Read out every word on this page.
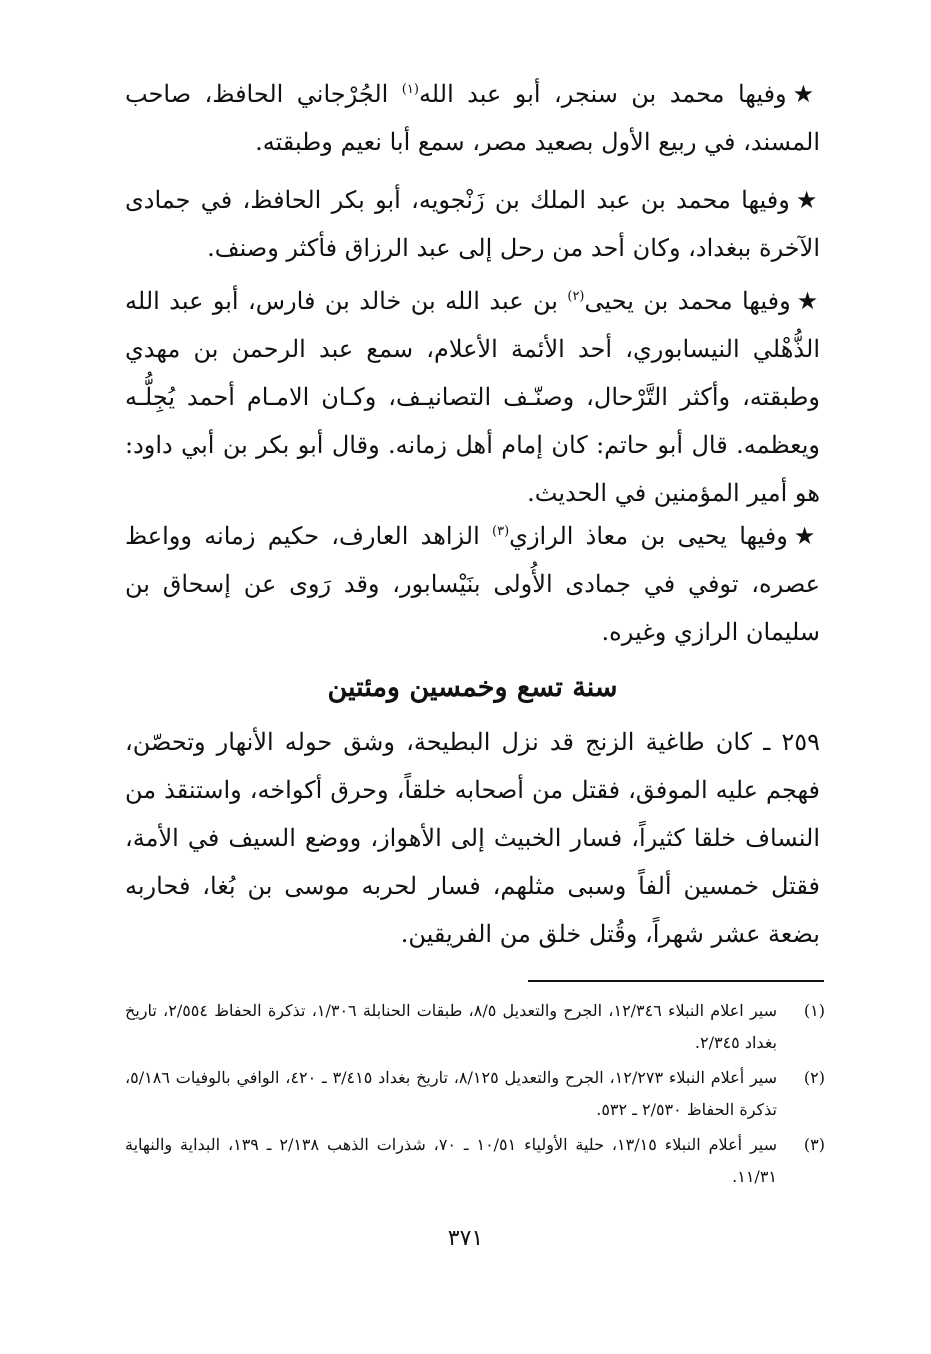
★وفيها محمد بن سنجر، أبو عبد الله$^{(١)}$ الجُرْجاني الحافظ، صاحب المسند، في ربيع الأول بصعيد مصر، سمع أبا نعيم وطبقته.
★وفيها محمد بن عبد الملك بن زَنْجويه، أبو بكر الحافظ، في جمادى الآخرة ببغداد، وكان أحد من رحل إلى عبد الرزاق فأكثر وصنف.
★وفيها محمد بن يحيى$^{(٢)}$ بن عبد الله بن خالد بن فارس، أبو عبد الله الذُّهْلي النيسابوري، أحد الأئمة الأعلام، سمع عبد الرحمن بن مهدي وطبقته، وأكثر التَّرْحال، وصنّـف التصانيـف، وكـان الامـام أحمد يُجِلُّـه ويعظمه. قال أبو حاتم: كان إمام أهل زمانه. وقال أبو بكر بن أبي داود: هو أمير المؤمنين في الحديث.
★وفيها يحيى بن معاذ الرازي$^{(٣)}$ الزاهد العارف، حكيم زمانه وواعظ عصره، توفي في جمادى الأُولى بنَيْسابور، وقد رَوى عن إسحاق بن سليمان الرازي وغيره.
سنة تسع وخمسين ومئتين
٢٥٩ ـ كان طاغية الزنج قد نزل البطيحة، وشق حوله الأنهار وتحصّن، فهجم عليه الموفق، فقتل من أصحابه خلقاً، وحرق أكواخه، واستنقذ من النساف خلقا كثيراً، فسار الخبيث إلى الأهواز، ووضع السيف في الأمة، فقتل خمسين ألفاً وسبى مثلهم، فسار لحربه موسى بن بُغا، فحاربه بضعة عشر شهراً، وقُتل خلق من الفريقين.
(١)
سير اعلام النبلاء ١٢/٣٤٦، الجرح والتعديل ٨/٥، طبقات الحنابلة ١/٣٠٦، تذكرة الحفاظ ٢/٥٥٤، تاريخ بغداد ٢/٣٤٥.
(٢)
سير أعلام النبلاء ١٢/٢٧٣، الجرح والتعديل ٨/١٢٥، تاريخ بغداد ٣/٤١٥ ـ ٤٢٠، الوافي بالوفيات ٥/١٨٦، تذكرة الحفاظ ٢/٥٣٠ ـ ٥٣٢.
(٣)
سير أعلام النبلاء ١٣/١٥، حلية الأولياء ١٠/٥١ ـ ٧٠، شذرات الذهب ٢/١٣٨ ـ ١٣٩، البداية والنهاية ١١/٣١.
٣٧١
